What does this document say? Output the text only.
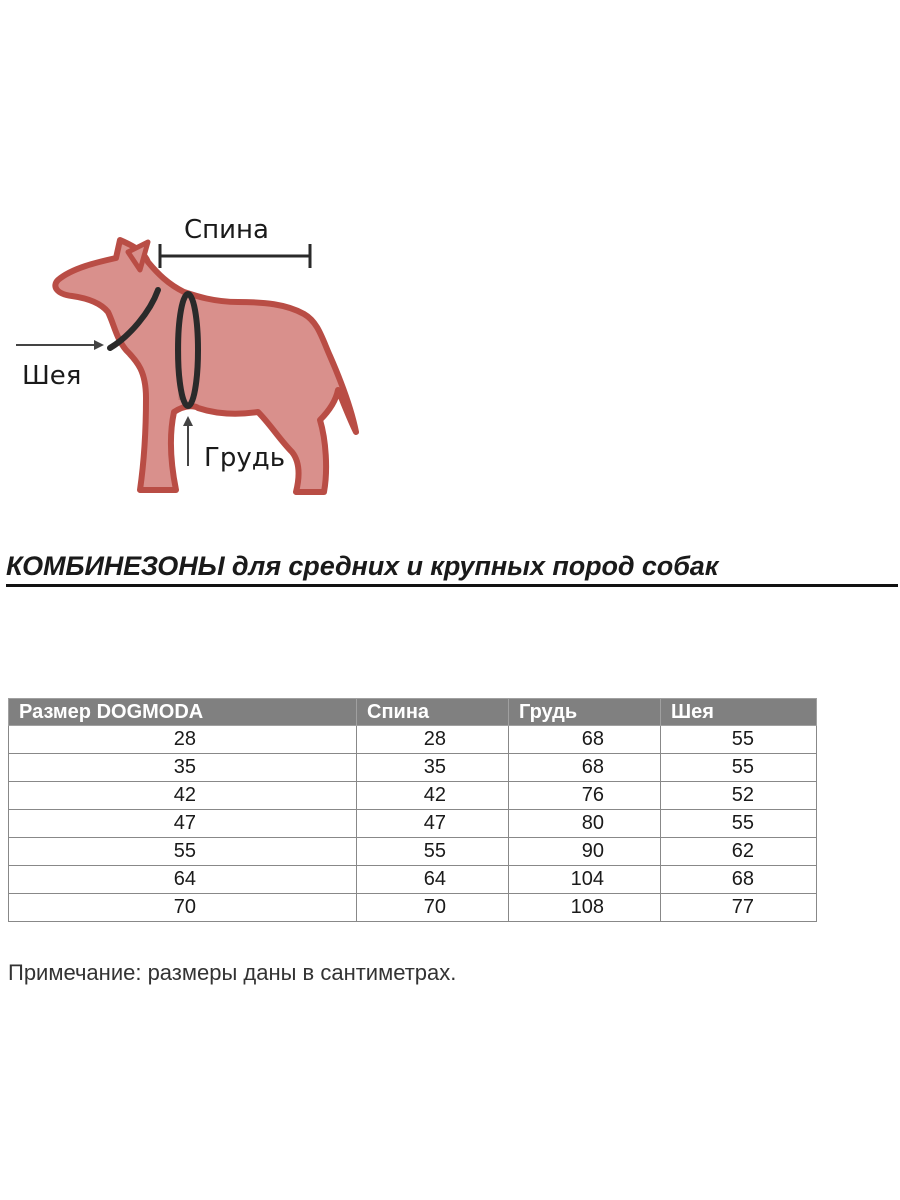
Спина
Шея
Грудь
КОМБИНЕЗОНЫ для средних и крупных пород собак
Размер DOGMODA	Спина	Грудь	Шея
28	28	68	55
35	35	68	55
42	42	76	52
47	47	80	55
55	55	90	62
64	64	104	68
70	70	108	77

Примечание: размеры даны в сантиметрах.
